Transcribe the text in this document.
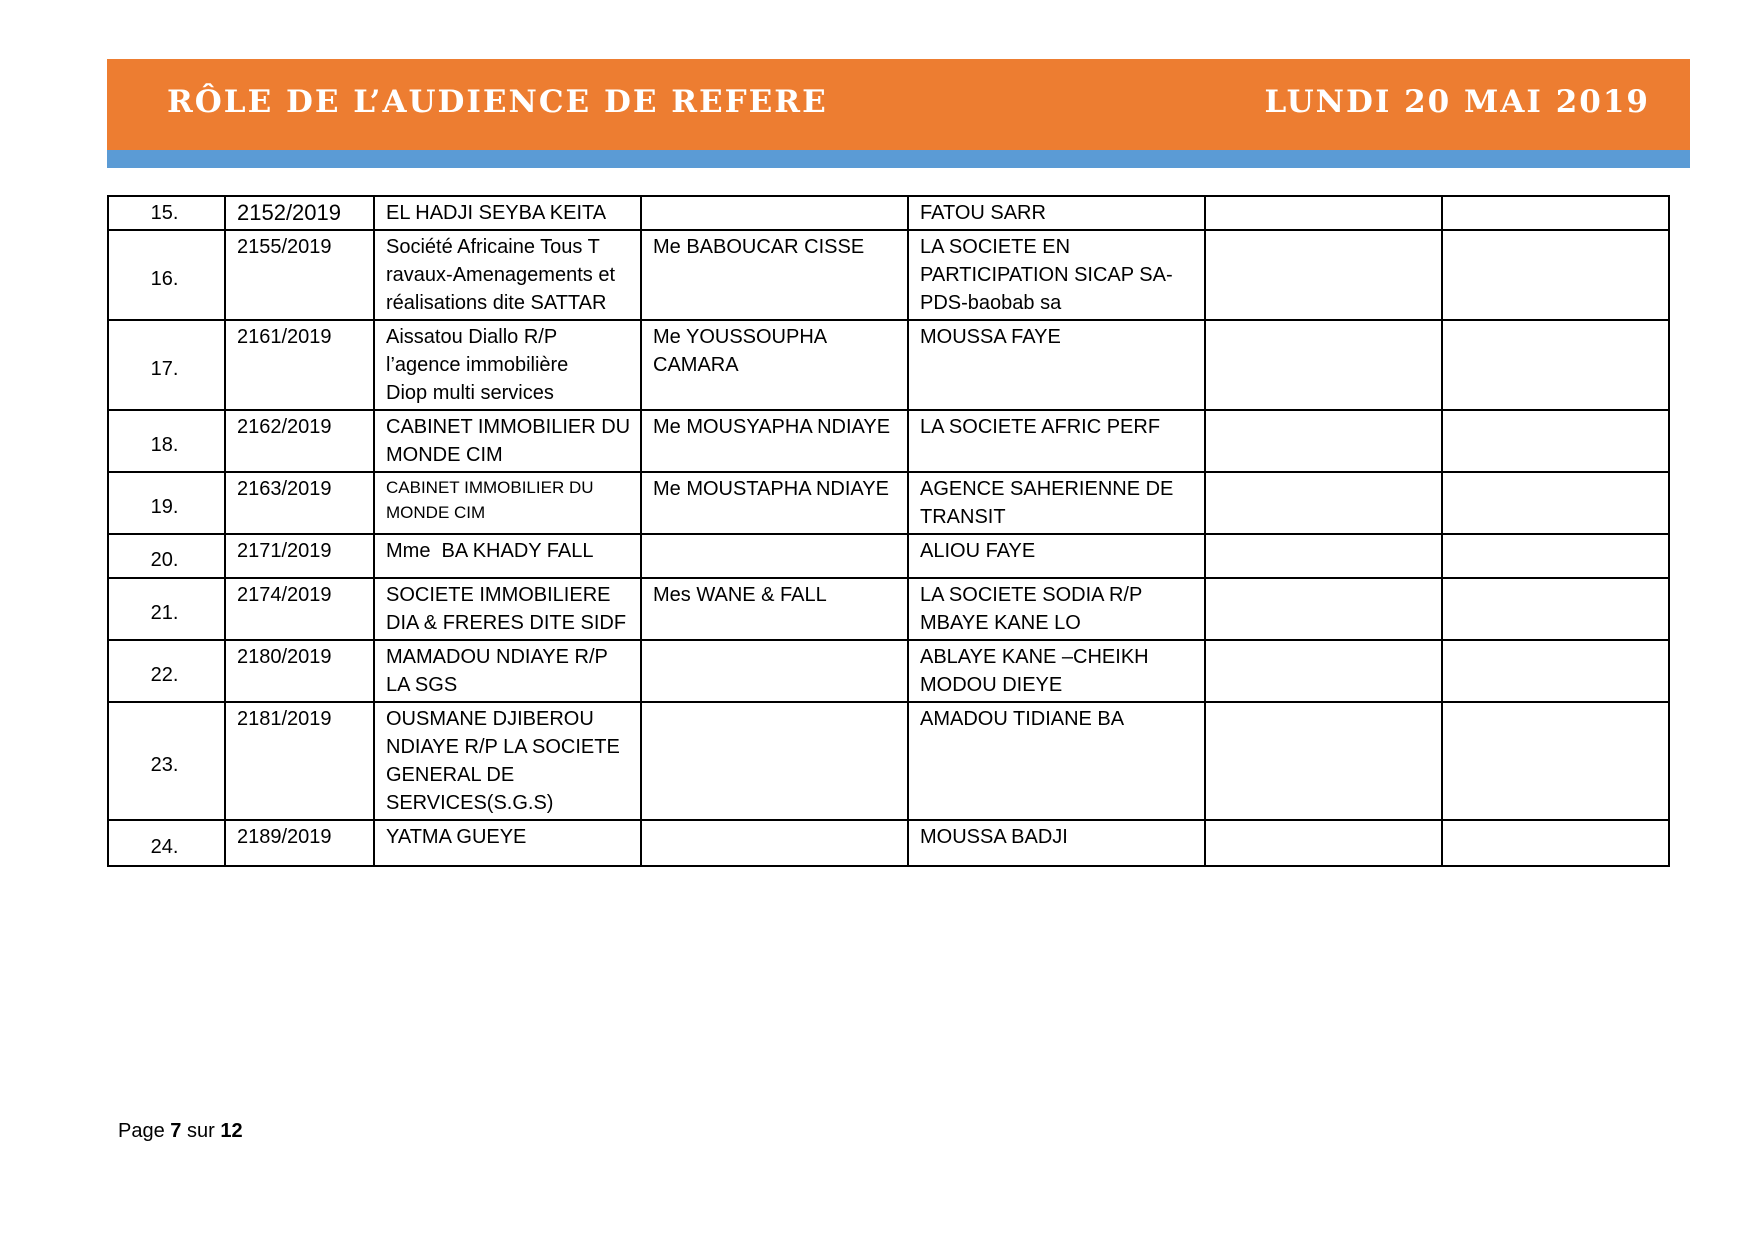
RÔLE DE L’AUDIENCE DE REFERE	LUNDI 20 MAI 2019
15.	2152/2019	EL HADJI SEYBA KEITA		FATOU SARR		
16.	2155/2019	Société Africaine Tous T
ravaux-Amenagements et
réalisations dite SATTAR	Me BABOUCAR CISSE	LA SOCIETE EN
PARTICIPATION SICAP SA-
PDS-baobab sa		
17.	2161/2019	Aissatou Diallo R/P
l’agence immobilière
Diop multi services	Me YOUSSOUPHA
CAMARA	MOUSSA FAYE		
18.	2162/2019	CABINET IMMOBILIER DU
MONDE CIM	Me MOUSYAPHA NDIAYE	LA SOCIETE AFRIC PERF		
19.	2163/2019	CABINET IMMOBILIER DU
MONDE CIM	Me MOUSTAPHA NDIAYE	AGENCE SAHERIENNE DE
TRANSIT		
20.	2171/2019	Mme  BA KHADY FALL		ALIOU FAYE		
21.	2174/2019	SOCIETE IMMOBILIERE
DIA & FRERES DITE SIDF	Mes WANE & FALL	LA SOCIETE SODIA R/P
MBAYE KANE LO		
22.	2180/2019	MAMADOU NDIAYE R/P
LA SGS		ABLAYE KANE –CHEIKH
MODOU DIEYE		
23.	2181/2019	OUSMANE DJIBEROU
NDIAYE R/P LA SOCIETE
GENERAL DE
SERVICES(S.G.S)		AMADOU TIDIANE BA		
24.	2189/2019	YATMA GUEYE		MOUSSA BADJI		
Page 7 sur 12
